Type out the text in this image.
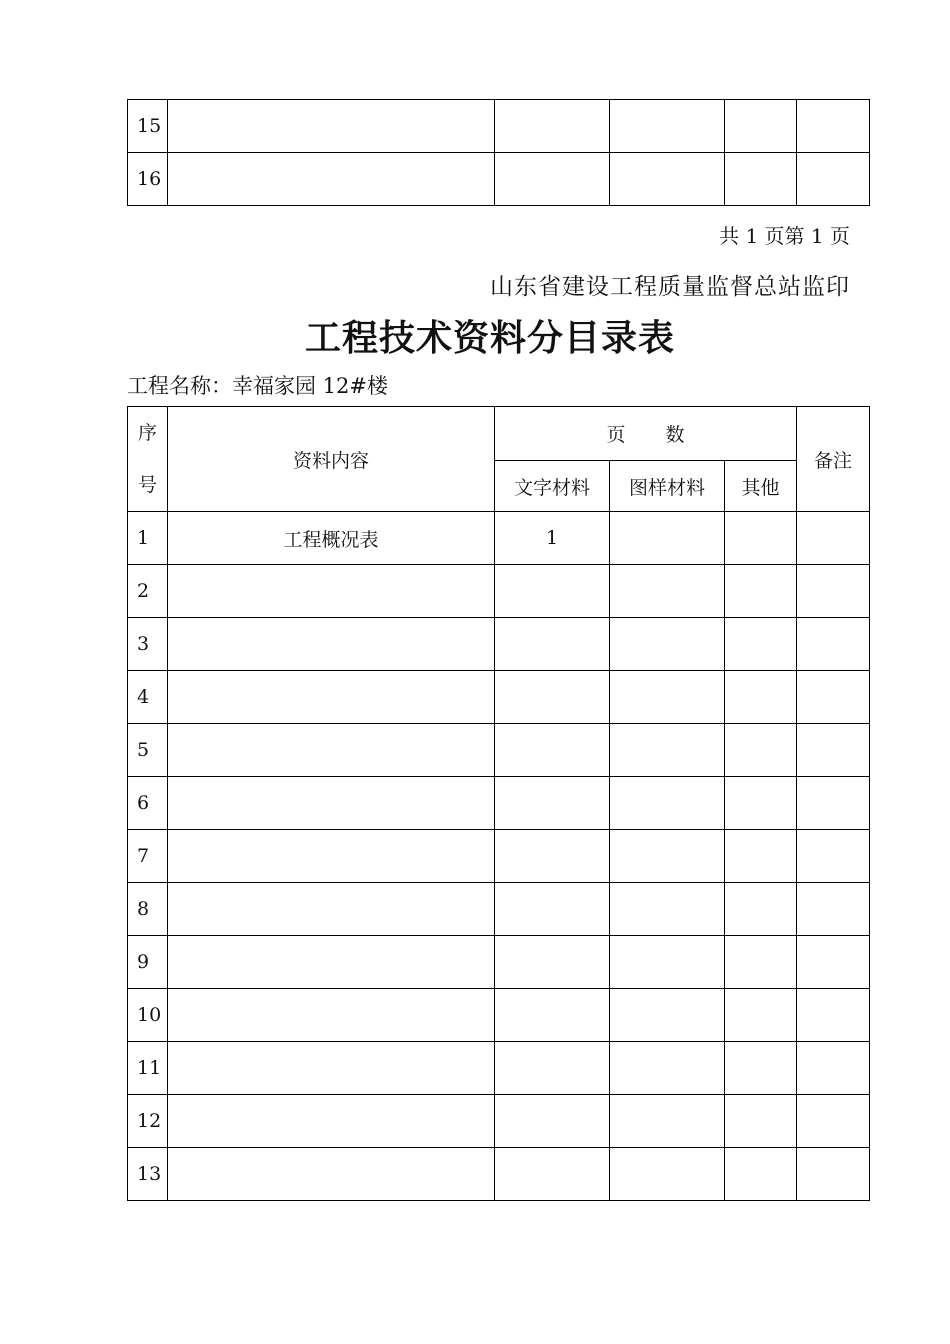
15					
16					
共 1 页第 1 页
山东省建设工程质量监督总站监印
工程技术资料分目录表
工程名称：幸福家园 12#楼
序
号	资料内容	页数			备注
		文字材料	图样材料	其他	
1	工程概况表	1			
2					
3					
4					
5					
6					
7					
8					
9					
10					
11					
12					
13					
